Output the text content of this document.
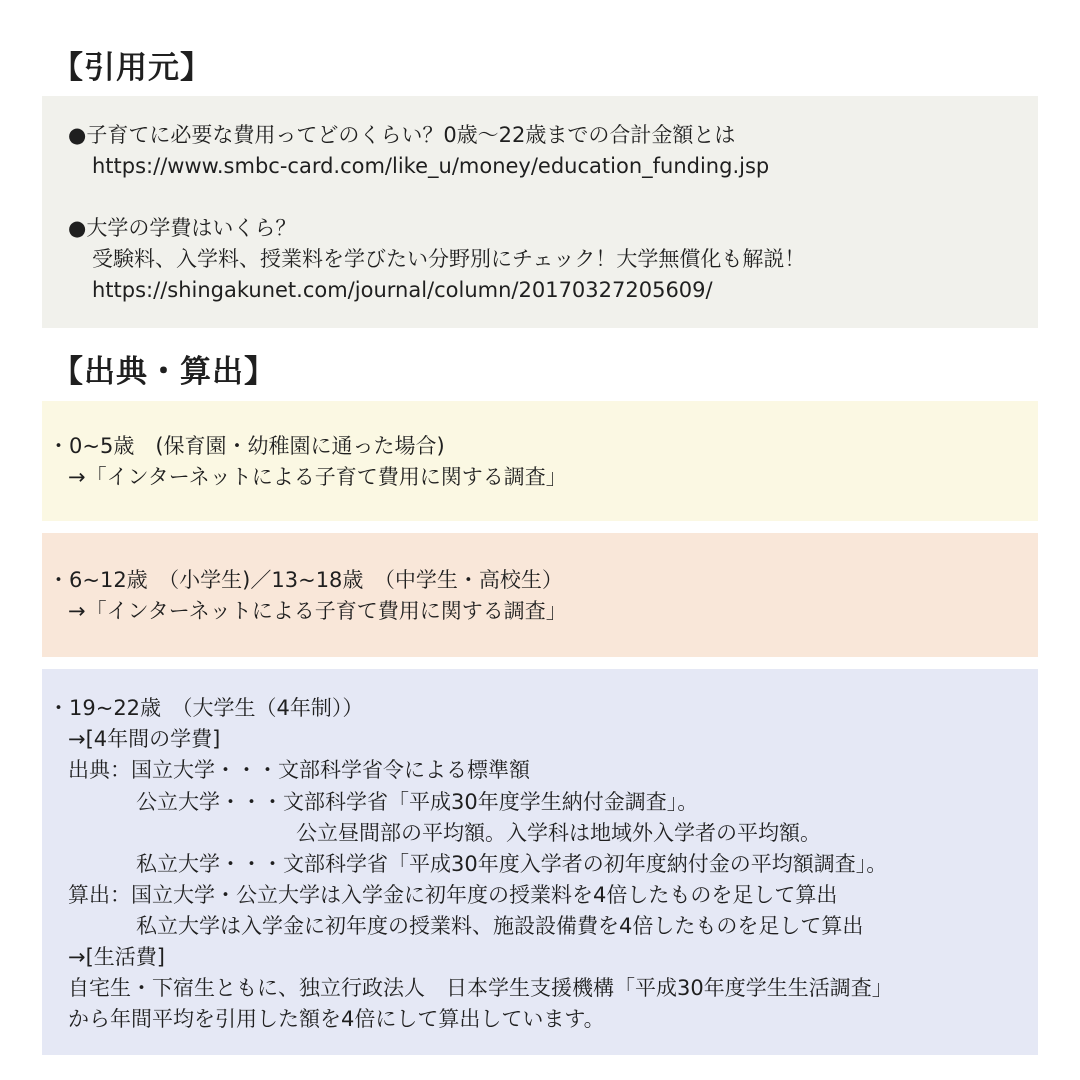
【引用元】
●子育てに必要な費用ってどのくらい？0歳〜22歳までの合計金額とは
https://www.smbc-card.com/like_u/money/education_funding.jsp
●大学の学費はいくら？
受験料、入学料、授業料を学びたい分野別にチェック！大学無償化も解説！
https://shingakunet.com/journal/column/20170327205609/
【出典・算出】
・0~5歳　(保育園・幼稚園に通った場合)
→「インターネットによる子育て費用に関する調査」
・6~12歳　（小学生)／13~18歳　（中学生・高校生）
→「インターネットによる子育て費用に関する調査」
・19~22歳　（大学生（4年制））
→[4年間の学費]
出典：国立大学・・・文部科学省令による標準額
公立大学・・・文部科学省「平成30年度学生納付金調査」。
公立昼間部の平均額。入学科は地域外入学者の平均額。
私立大学・・・文部科学省「平成30年度入学者の初年度納付金の平均額調査」。
算出：国立大学・公立大学は入学金に初年度の授業料を4倍したものを足して算出
私立大学は入学金に初年度の授業料、施設設備費を4倍したものを足して算出
→[生活費]
自宅生・下宿生ともに、独立行政法人　日本学生支援機構「平成30年度学生生活調査」
から年間平均を引用した額を4倍にして算出しています。
